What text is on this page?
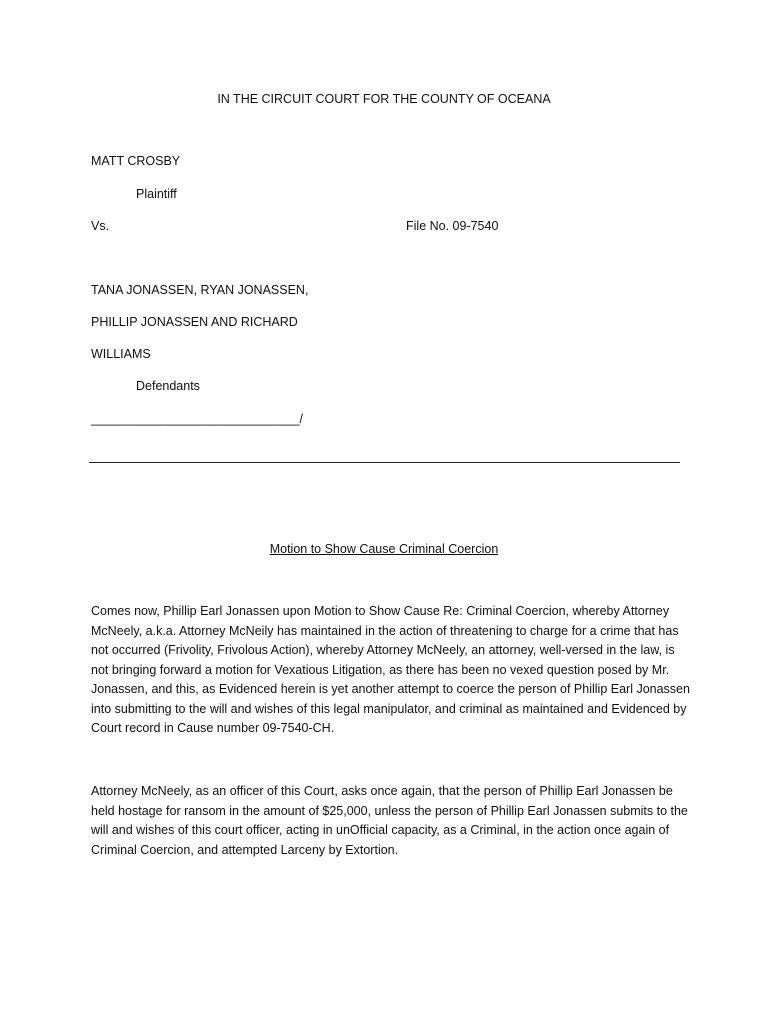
IN THE CIRCUIT COURT FOR THE COUNTY OF OCEANA
MATT CROSBY
Plaintiff
Vs.	File No. 09-7540
TANA JONASSEN, RYAN JONASSEN,
PHILLIP JONASSEN AND RICHARD
WILLIAMS
Defendants
______________________________/
Motion to Show Cause Criminal Coercion
Comes now, Phillip Earl Jonassen upon Motion to Show Cause Re: Criminal Coercion, whereby Attorney McNeely, a.k.a. Attorney McNeily has maintained in the action of threatening to charge for a crime that has not occurred (Frivolity, Frivolous Action), whereby Attorney McNeely, an attorney, well-versed in the law, is not bringing forward a motion for Vexatious Litigation, as there has been no vexed question posed by Mr. Jonassen, and this, as Evidenced herein is yet another attempt to coerce the person of Phillip Earl Jonassen into submitting to the will and wishes of this legal manipulator, and criminal as maintained and Evidenced by Court record in Cause number 09-7540-CH.
Attorney McNeely, as an officer of this Court, asks once again, that the person of Phillip Earl Jonassen be held hostage for ransom in the amount of $25,000, unless the person of Phillip Earl Jonassen submits to the will and wishes of this court officer, acting in unOfficial capacity, as a Criminal, in the action once again of Criminal Coercion, and attempted Larceny by Extortion.
